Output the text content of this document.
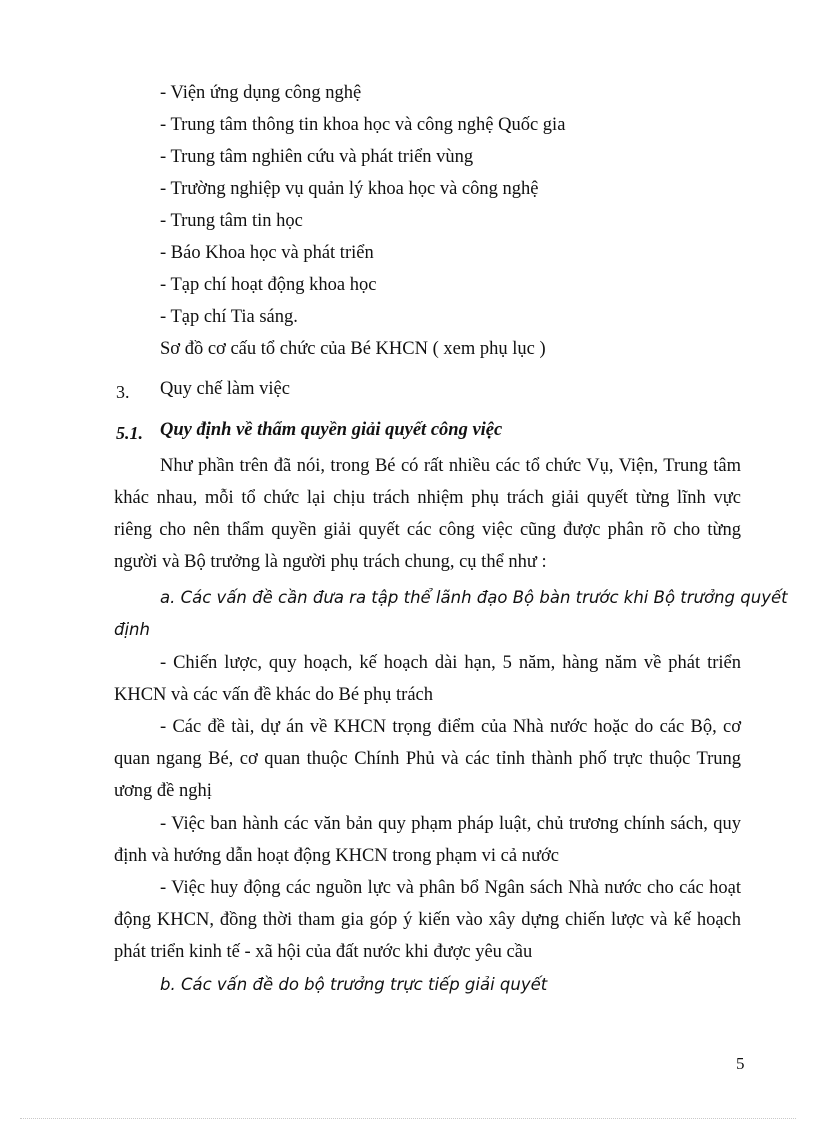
- Viện ứng dụng công nghệ
- Trung tâm thông tin khoa học và công nghệ Quốc gia
- Trung tâm nghiên cứu và phát triển vùng
- Trường nghiệp vụ quản lý khoa học và công nghệ
- Trung tâm tin học
- Báo Khoa học và phát triển
- Tạp chí hoạt động khoa học
- Tạp chí Tia sáng.
Sơ đồ cơ cấu tổ chức của Bé KHCN ( xem phụ lục )
3. Quy chế làm việc
5.1. Quy định về thẩm quyền giải quyết công việc
Như phần trên đã nói, trong Bé có rất nhiều các tổ chức Vụ, Viện, Trung tâm
khác nhau, mỗi tổ chức lại chịu trách nhiệm phụ trách giải quyết từng lĩnh vực
riêng cho nên thẩm quyền giải quyết các công việc cũng được phân rõ cho từng
người và Bộ trưởng là người phụ trách chung, cụ thể như :
a. Các vấn đề cần đưa ra tập thể lãnh đạo Bộ bàn trước khi Bộ trưởng quyết
định
- Chiến lược, quy hoạch, kế hoạch dài hạn, 5 năm, hàng năm về phát triển
KHCN và các vấn đề khác do Bé phụ trách
- Các đề tài, dự án về KHCN trọng điểm của Nhà nước hoặc do các Bộ, cơ
quan ngang Bé, cơ quan thuộc Chính Phủ và các tỉnh thành phố trực thuộc Trung
ương đề nghị
- Việc ban hành các văn bản quy phạm pháp luật, chủ trương chính sách, quy
định và hướng dẫn hoạt động KHCN trong phạm vi cả nước
- Việc huy động các nguồn lực và phân bổ Ngân sách Nhà nước cho các hoạt
động KHCN, đồng thời tham gia góp ý kiến vào xây dựng chiến lược và kế hoạch
phát triển kinh tế - xã hội của đất nước khi được yêu cầu
b. Các vấn đề do bộ trưởng trực tiếp giải quyết
5
